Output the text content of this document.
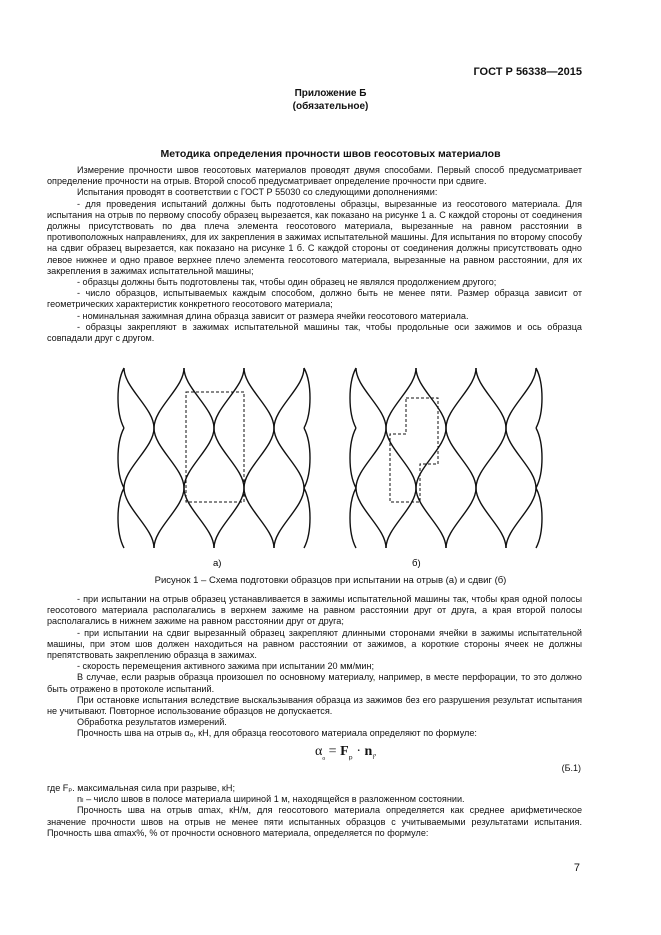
ГОСТ Р 56338—2015
Приложение Б
(обязательное)
Методика определения прочности швов геосотовых материалов

Измерение прочности швов геосотовых материалов проводят двумя способами. Первый способ предусматривает определение прочности на отрыв. Второй способ предусматривает определение прочности при сдвиге.

Испытания проводят в соответствии с ГОСТ Р 55030 со следующими дополнениями:

- для проведения испытаний должны быть подготовлены образцы, вырезанные из геосотового материала. Для испытания на отрыв по первому способу образец вырезается, как показано на рисунке 1 а. С каждой стороны от соединения должны присутствовать по два плеча элемента геосотового материала, вырезанные на равном расстоянии в противоположных направлениях, для их закрепления в зажимах испытательной машины. Для испытания по второму способу на сдвиг образец вырезается, как показано на рисунке 1 б. С каждой стороны от соединения должны присутствовать одно левое нижнее и одно правое верхнее плечо элемента геосотового материала, вырезанные на равном расстоянии, для их закрепления в зажимах испытательной машины;

- образцы должны быть подготовлены так, чтобы один образец не являлся продолжением другого;

- число образцов, испытываемых каждым способом, должно быть не менее пяти. Размер образца зависит от геометрических характеристик конкретного геосотового материала;

- номинальная зажимная длина образца зависит от размера ячейки геосотового материала.

- образцы закрепляют в зажимах испытательной машины так, чтобы продольные оси зажимов и ось образца совпадали друг с другом.

а)	б)
Рисунок 1 – Схема подготовки образцов при испытании на отрыв (а) и сдвиг (б)

- при испытании на отрыв образец устанавливается в зажимы испытательной машины так, чтобы края одной полосы геосотового материала располагались в верхнем зажиме на равном расстоянии друг от друга, а края второй полосы располагались в нижнем зажиме на равном расстоянии друг от друга;

- при испытании на сдвиг вырезанный образец закрепляют длинными сторонами ячейки в зажимы испытательной машины, при этом шов должен находиться на равном расстоянии от зажимов, а короткие стороны ячеек не должны препятствовать закреплению образца в зажимах.

- скорость перемещения активного зажима при испытании 20 мм/мин;

В случае, если разрыв образца произошел по основному материалу, например, в месте перфорации, то это должно быть отражено в протоколе испытаний.

При остановке испытания вследствие выскальзывания образца из зажимов без его разрушения результат испытания не учитывают. Повторное использование образцов не допускается.

Обработка результатов измерений.

Прочность шва на отрыв αₒ, кН, для образца геосотового материала определяют по формуле:

$\alpha_{_o} = F_{_p} \cdot n_{_l}$,
(Б.1)

где Fₚ. максимальная сила при разрыве, кН;

nₗ – число швов в полосе материала шириной 1 м, находящейся в разложенном состоянии.

Прочность шва на отрыв αmax, кН/м, для геосотового материала определяется как среднее арифметическое значение прочности швов на отрыв не менее пяти испытанных образцов с учитываемыми результатами испытания. Прочность шва αmax%, % от прочности основного материала, определяется по формуле:

7
